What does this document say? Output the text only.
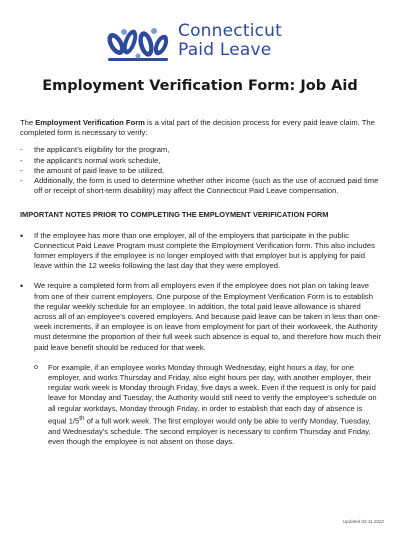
Connecticut
Paid Leave
Employment Verification Form: Job Aid

The Employment Verification Form is a vital part of the decision process for every paid leave claim. The completed form is necessary to verify:

- the applicant’s eligibility for the program,
- the applicant’s normal work schedule,
- the amount of paid leave to be utilized,
- Additionally, the form is used to determine whether other income (such as the use of accrued paid time off or receipt of short-term disability) may affect the Connecticut Paid Leave compensation.

IMPORTANT NOTES PRIOR TO COMPLETING THE EMPLOYMENT VERIFICATION FORM

• If the employee has more than one employer, all of the employers that participate in the public Connecticut Paid Leave Program must complete the Employment Verification form. This also includes former employers if the employee is no longer employed with that employer but is applying for paid leave within the 12 weeks following the last day that they were employed.
• We require a completed form from all employers even if the employee does not plan on taking leave from one of their current employers. One purpose of the Employment Verification Form is to establish the regular weekly schedule for an employee. In addition, the total paid leave allowance is shared across all of an employee’s covered employers. And because paid leave can be taken in less than one-week increments, if an employee is on leave from employment for part of their workweek, the Authority must determine the proportion of their full week such absence is equal to, and therefore how much their paid leave benefit should be reduced for that week.
o For example, if an employee works Monday through Wednesday, eight hours a day, for one employer, and works Thursday and Friday, also eight hours per day, with another employer, their regular work week is Monday through Friday, five days a week. Even if the request is only for paid leave for Monday and Tuesday, the Authority would still need to verify the employee’s schedule on all regular workdays, Monday through Friday, in order to establish that each day of absence is equal 1/5th of a full work week. The first employer would only be able to verify Monday, Tuesday, and Wednesday’s schedule. The second employer is necessary to confirm Thursday and Friday, even though the employee is not absent on those days.
Updated 03.11.2022
